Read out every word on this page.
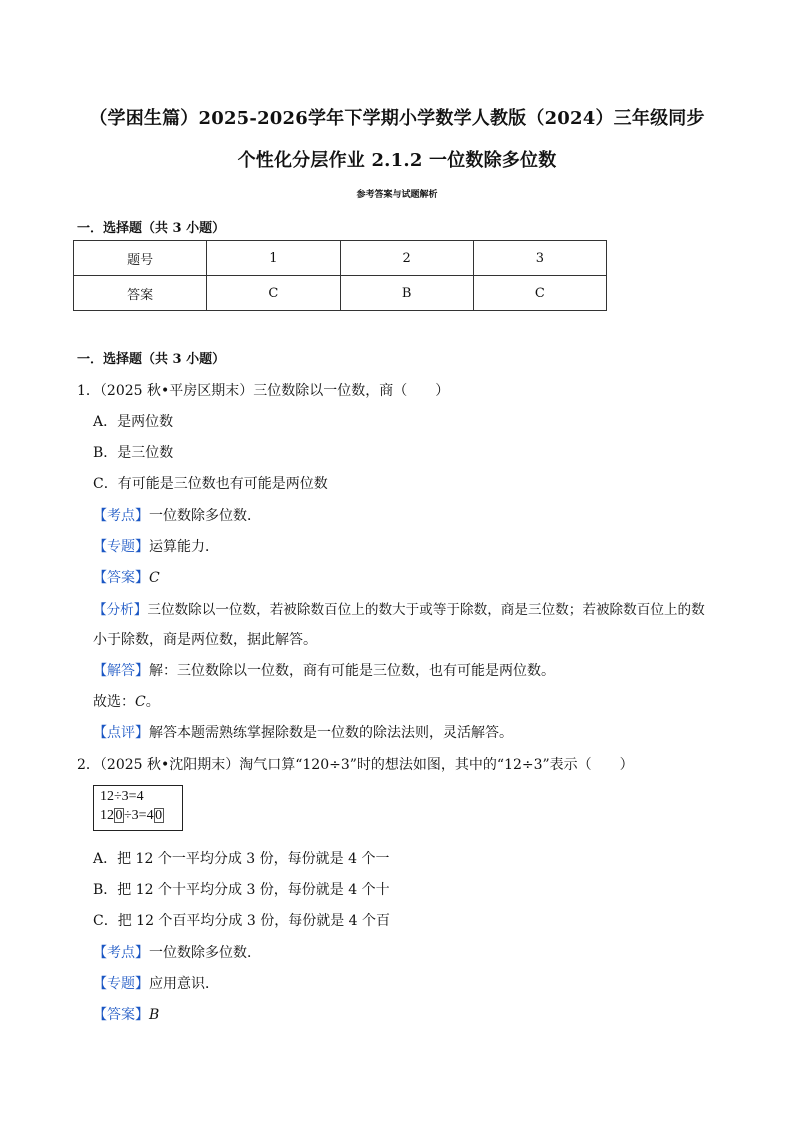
（学困生篇）2025-2026学年下学期小学数学人教版（2024）三年级同步
个性化分层作业 2.1.2 一位数除多位数
参考答案与试题解析
一．选择题（共 3 小题）
题号	1	2	3
答案	C	B	C
一．选择题（共 3 小题）
1．（2025 秋•平房区期末）三位数除以一位数，商（　　）
A．是两位数
B．是三位数
C．有可能是三位数也有可能是两位数
【考点】一位数除多位数．
【专题】运算能力．
【答案】C
【分析】三位数除以一位数，若被除数百位上的数大于或等于除数，商是三位数；若被除数百位上的数
小于除数，商是两位数，据此解答。
【解答】解：三位数除以一位数，商有可能是三位数，也有可能是两位数。
故选：C。
【点评】解答本题需熟练掌握除数是一位数的除法法则，灵活解答。
2．（2025 秋•沈阳期末）淘气口算“120÷3”时的想法如图，其中的“12÷3”表示（　　）
12÷3=4
12 0 ÷3=4 0
A．把 12 个一平均分成 3 份，每份就是 4 个一
B．把 12 个十平均分成 3 份，每份就是 4 个十
C．把 12 个百平均分成 3 份，每份就是 4 个百
【考点】一位数除多位数．
【专题】应用意识．
【答案】B
